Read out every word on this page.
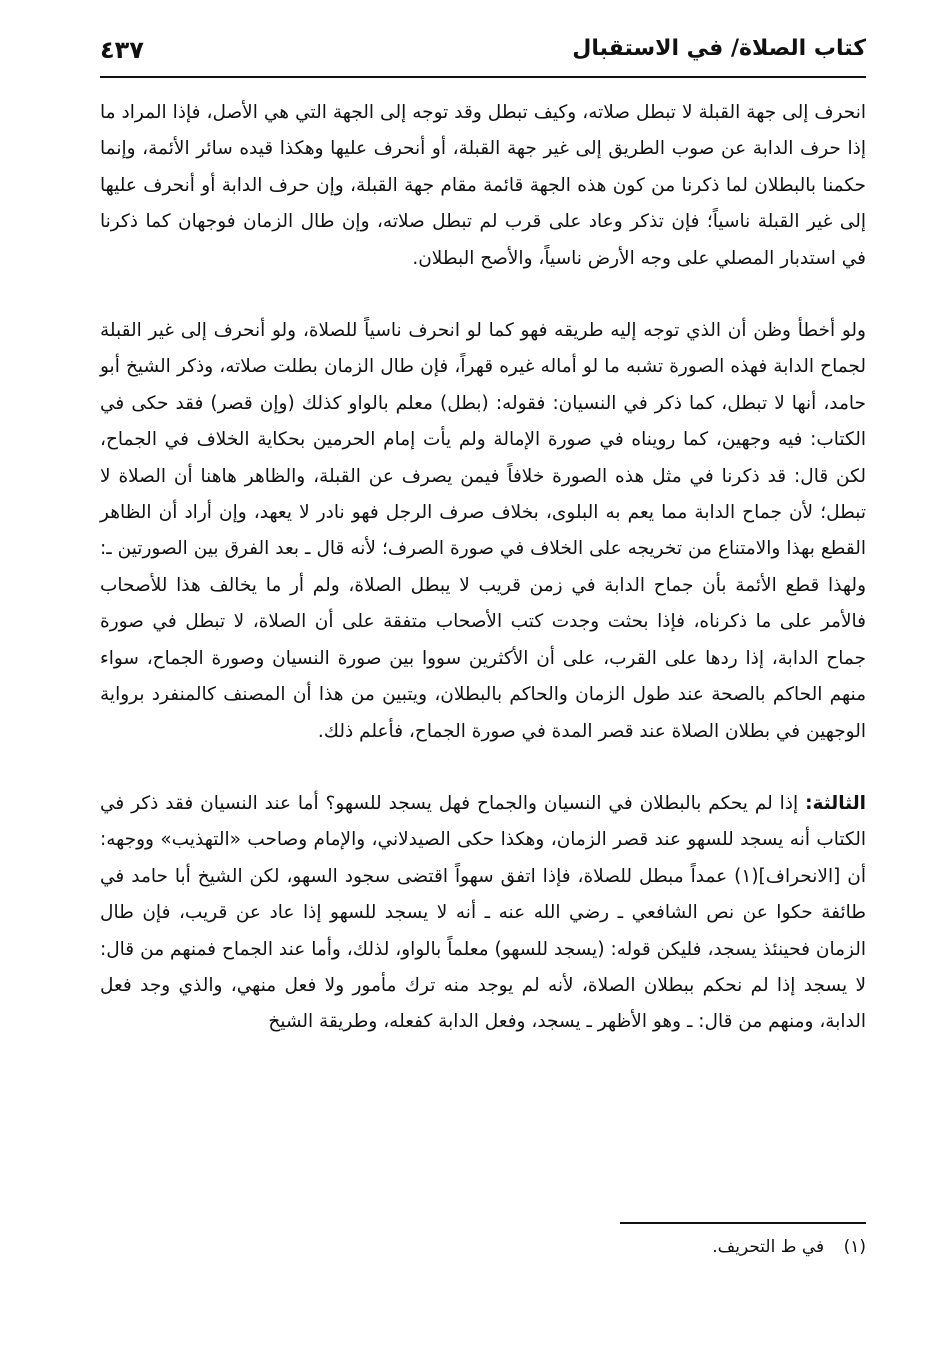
كتاب الصلاة/ في الاستقبال
٤٣٧

انحرف إلى جهة القبلة لا تبطل صلاته، وكيف تبطل وقد توجه إلى الجهة التي هي الأصل، فإذا المراد ما إذا حرف الدابة عن صوب الطريق إلى غير جهة القبلة، أو أنحرف عليها وهكذا قيده سائر الأئمة، وإنما حكمنا بالبطلان لما ذكرنا من كون هذه الجهة قائمة مقام جهة القبلة، وإن حرف الدابة أو أنحرف عليها إلى غير القبلة ناسياً؛ فإن تذكر وعاد على قرب لم تبطل صلاته، وإن طال الزمان فوجهان كما ذكرنا في استدبار المصلي على وجه الأرض ناسياً، والأصح البطلان.

ولو أخطأ وظن أن الذي توجه إليه طريقه فهو كما لو انحرف ناسياً للصلاة، ولو أنحرف إلى غير القبلة لجماح الدابة فهذه الصورة تشبه ما لو أماله غيره قهراً، فإن طال الزمان بطلت صلاته، وذكر الشيخ أبو حامد، أنها لا تبطل، كما ذكر في النسيان: فقوله: (بطل) معلم بالواو كذلك (وإن قصر) فقد حكى في الكتاب: فيه وجهين، كما رويناه في صورة الإمالة ولم يأت إمام الحرمين بحكاية الخلاف في الجماح، لكن قال: قد ذكرنا في مثل هذه الصورة خلافاً فيمن يصرف عن القبلة، والظاهر هاهنا أن الصلاة لا تبطل؛ لأن جماح الدابة مما يعم به البلوى، بخلاف صرف الرجل فهو نادر لا يعهد، وإن أراد أن الظاهر القطع بهذا والامتناع من تخريجه على الخلاف في صورة الصرف؛ لأنه قال ـ بعد الفرق بين الصورتين ـ: ولهذا قطع الأئمة بأن جماح الدابة في زمن قريب لا يبطل الصلاة، ولم أر ما يخالف هذا للأصحاب فالأمر على ما ذكرناه، فإذا بحثت وجدت كتب الأصحاب متفقة على أن الصلاة، لا تبطل في صورة جماح الدابة، إذا ردها على القرب، على أن الأكثرين سووا بين صورة النسيان وصورة الجماح، سواء منهم الحاكم بالصحة عند طول الزمان والحاكم بالبطلان، ويتبين من هذا أن المصنف كالمنفرد برواية الوجهين في بطلان الصلاة عند قصر المدة في صورة الجماح، فأعلم ذلك.

الثالثة: إذا لم يحكم بالبطلان في النسيان والجماح فهل يسجد للسهو؟ أما عند النسيان فقد ذكر في الكتاب أنه يسجد للسهو عند قصر الزمان، وهكذا حكى الصيدلاني، والإمام وصاحب «التهذيب» ووجهه: أن [الانحراف](١) عمداً مبطل للصلاة، فإذا اتفق سهواً اقتضى سجود السهو، لكن الشيخ أبا حامد في طائفة حكوا عن نص الشافعي ـ رضي الله عنه ـ أنه لا يسجد للسهو إذا عاد عن قريب، فإن طال الزمان فحينئذ يسجد، فليكن قوله: (يسجد للسهو) معلماً بالواو، لذلك، وأما عند الجماح فمنهم من قال: لا يسجد إذا لم نحكم ببطلان الصلاة، لأنه لم يوجد منه ترك مأمور ولا فعل منهي، والذي وجد فعل الدابة، ومنهم من قال: ـ وهو الأظهر ـ يسجد، وفعل الدابة كفعله، وطريقة الشيخ

(١) في ط التحريف.
